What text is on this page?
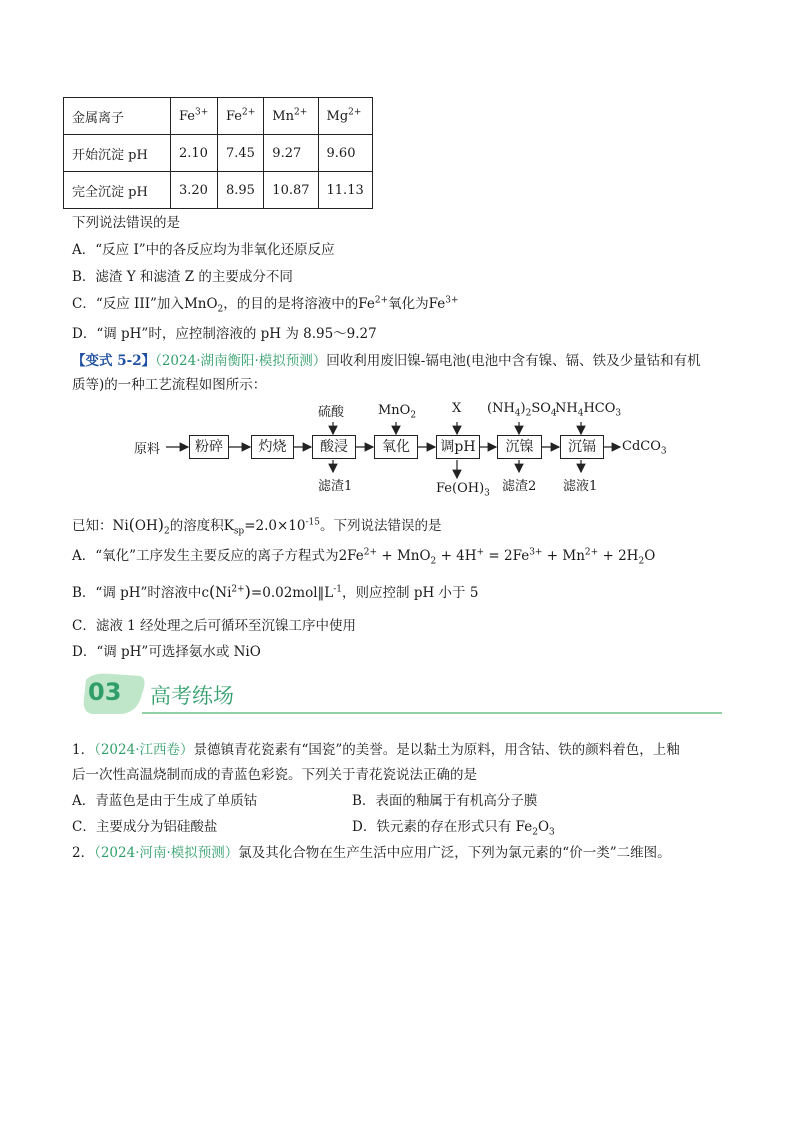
金属离子	$Fe^{3+}$	$Fe^{2+}$	$Mn^{2+}$	$Mg^{2+}$
开始沉淀 pH	2.10	7.45	9.27	9.60
完全沉淀 pH	3.20	8.95	10.87	11.13
下列说法错误的是
A．“反应 I”中的各反应均为非氧化还原反应
B．滤渣 Y 和滤渣 Z 的主要成分不同
C．“反应 III”加入MnO$_2$，的目的是将溶液中的$Fe^{2+}$氧化为$Fe^{3+}$
D．“调 pH”时，应控制溶液的 pH 为 8.95～9.27
【变式 5-2】（2024·湖南衡阳·模拟预测）回收利用废旧镍-镉电池(电池中含有镍、镉、铁及少量钴和有机
质等)的一种工艺流程如图所示：
原料	粉碎	灼烧	酸浸	氧化	调pH	沉镍	沉镉	CdCO$_3$
硫酸	MnO$_2$	X $(NH_4)_2SO_4$
$NH_4HCO_3$
滤渣1	$Fe(OH)_3$ 滤渣2 滤液1
已知：$Ni(OH)_2$的溶度积$K_{sp}=2.0\times 10^{-15}$。下列说法错误的是
A．“氧化”工序发生主要反应的离子方程式为$2Fe^{2+} + MnO_2 + 4H^+ = 2Fe^{3+} + Mn^{2+} + 2H_2O$
B．“调 pH”时溶液中$c(Ni^{2+})=0.02mol‖L^{-1}$，则应控制 pH 小于 5
C．滤液 1 经处理之后可循环至沉镍工序中使用
D．“调 pH”可选择氨水或 NiO
03 高考练场
1．（2024·江西卷）景德镇青花瓷素有“国瓷”的美誉。是以黏土为原料，用含钴、铁的颜料着色，上釉
后一次性高温烧制而成的青蓝色彩瓷。下列关于青花瓷说法正确的是
A．青蓝色是由于生成了单质钴	B．表面的釉属于有机高分子膜
C．主要成分为铝硅酸盐	D．铁元素的存在形式只有 $Fe_2O_3$
2．（2024·河南·模拟预测）氯及其化合物在生产生活中应用广泛，下列为氯元素的“价一类”二维图。
